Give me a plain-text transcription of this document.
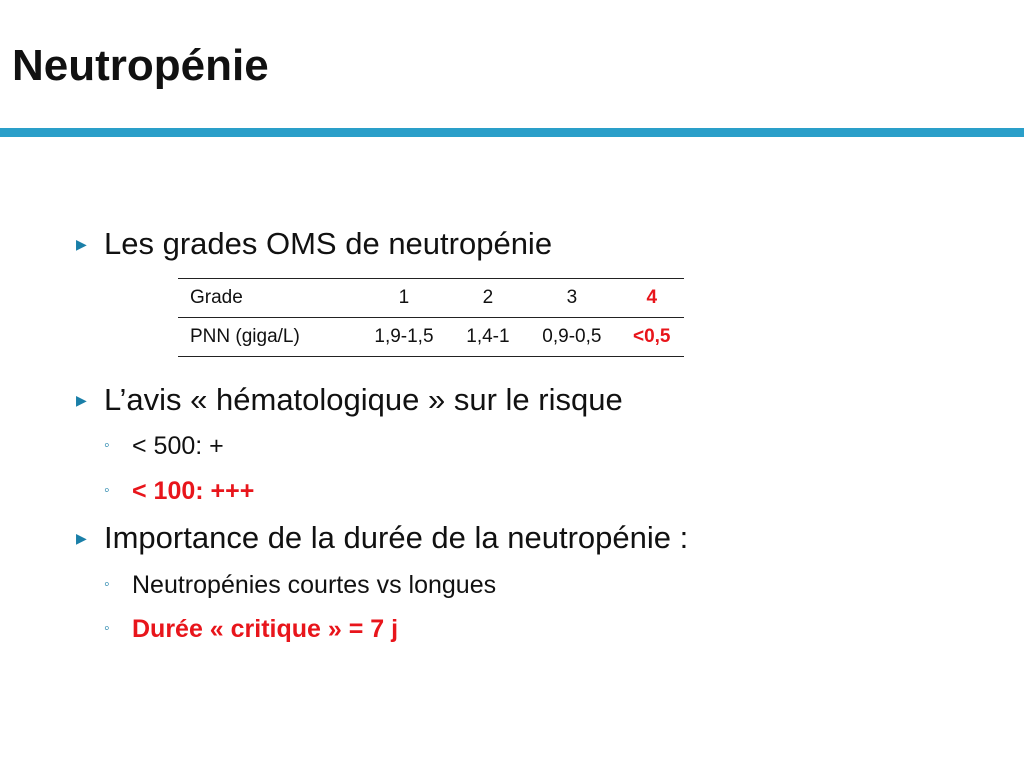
Neutropénie
▶ Les grades OMS de neutropénie
Grade	1	2	3	4
PNN (giga/L)	1,9-1,5	1,4-1	0,9-0,5	<0,5
▶ L’avis « hématologique » sur le risque
◦ < 500: +
◦ < 100: +++
▶ Importance de la durée de la neutropénie :
◦ Neutropénies courtes vs longues
◦ Durée « critique » = 7 j
